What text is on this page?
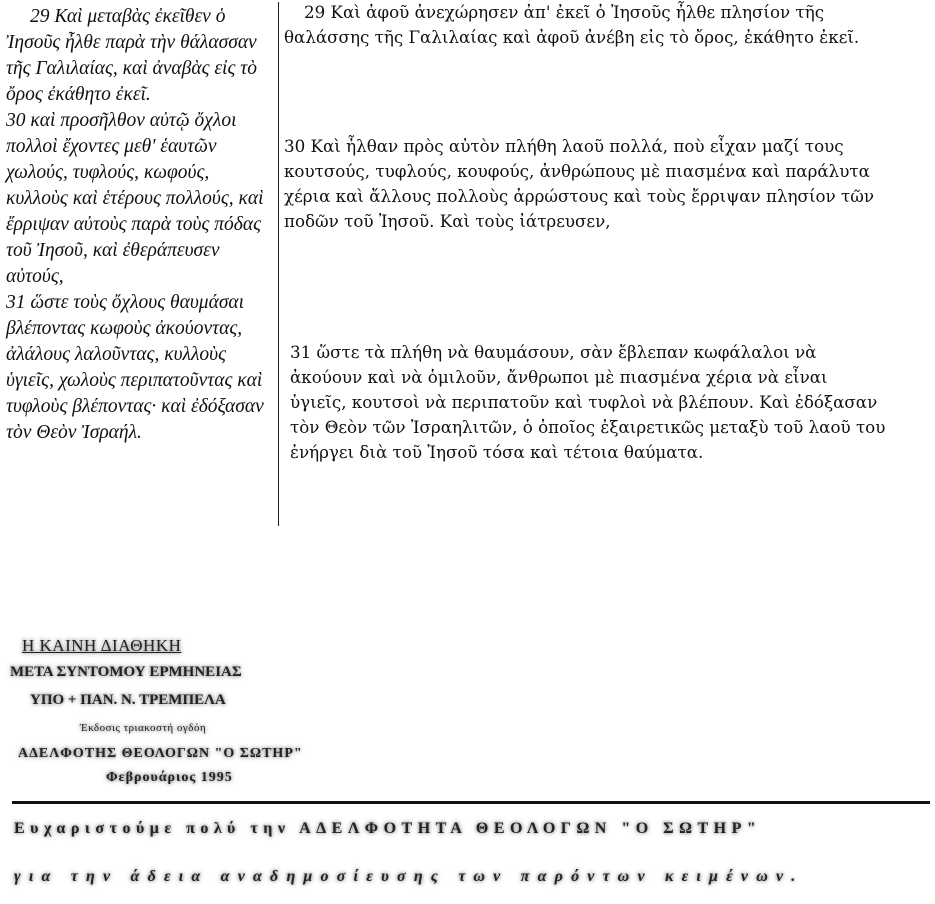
29 Καὶ μεταβὰς ἐκεῖθεν ὁ Ἰησοῦς ἦλθε παρὰ τὴν θάλασσαν τῆς Γαλιλαίας, καὶ ἀναβὰς εἰς τὸ ὄρος ἐκάθητο ἐκεῖ.

30 καὶ προσῆλθον αὐτῷ ὄχλοι πολλοὶ ἔχοντες μεθ' ἑαυτῶν χωλούς, τυφλούς, κωφούς, κυλλοὺς καὶ ἑτέρους πολλούς, καὶ ἔρριψαν αὐτοὺς παρὰ τοὺς πόδας τοῦ Ἰησοῦ, καὶ ἐθεράπευσεν αὐτούς,

31 ὥστε τοὺς ὄχλους θαυμάσαι βλέποντας κωφοὺς ἀκούοντας, ἀλάλους λαλοῦντας, κυλλοὺς ὑγιεῖς, χωλοὺς περιπατοῦντας καὶ τυφλοὺς βλέποντας· καὶ ἐδόξασαν τὸν Θεὸν Ἰσραήλ.

29 Καὶ ἀφοῦ ἀνεχώρησεν ἀπ' ἐκεῖ ὁ Ἰησοῦς ἦλθε πλησίον τῆς θαλάσσης τῆς Γαλιλαίας καὶ ἀφοῦ ἀνέβη εἰς τὸ ὄρος, ἐκάθητο ἐκεῖ.

30 Καὶ ἦλθαν πρὸς αὐτὸν πλήθη λαοῦ πολλά, ποὺ εἶχαν μαζί τους κουτσούς, τυφλούς, κουφούς, ἀνθρώπους μὲ πιασμένα καὶ παράλυτα χέρια καὶ ἄλλους πολλοὺς ἀρρώστους καὶ τοὺς ἔρριψαν πλησίον τῶν ποδῶν τοῦ Ἰησοῦ. Καὶ τοὺς ἰάτρευσεν,

31 ὥστε τὰ πλήθη νὰ θαυμάσουν, σὰν ἔβλεπαν κωφάλαλοι νὰ ἀκούουν καὶ νὰ ὁμιλοῦν, ἄνθρωποι μὲ πιασμένα χέρια νὰ εἶναι ὑγιεῖς, κουτσοὶ νὰ περιπατοῦν καὶ τυφλοὶ νὰ βλέπουν. Καὶ ἐδόξασαν τὸν Θεὸν τῶν Ἰσραηλιτῶν, ὁ ὁποῖος ἐξαιρετικῶς μεταξὺ τοῦ λαοῦ του ἐνήργει διὰ τοῦ Ἰησοῦ τόσα καὶ τέτοια θαύματα.

Η ΚΑΙΝΗ ΔΙΑΘΗΚΗ
ΜΕΤΑ ΣΥΝΤΟΜΟΥ ΕΡΜΗΝΕΙΑΣ
ΥΠΟ + ΠΑΝ. Ν. ΤΡΕΜΠΕΛΑ
Έκδοσις τριακοστή ογδόη
ΑΔΕΛΦΟΤΗΣ ΘΕΟΛΟΓΩΝ "Ο ΣΩΤΗΡ"
Φεβρουάριος 1995
Ευχαριστούμε πολύ την ΑΔΕΛΦΟΤΗΤΑ ΘΕΟΛΟΓΩΝ "Ο ΣΩΤΗΡ"
για την άδεια αναδημοσίευσης των παρόντων κειμένων.
